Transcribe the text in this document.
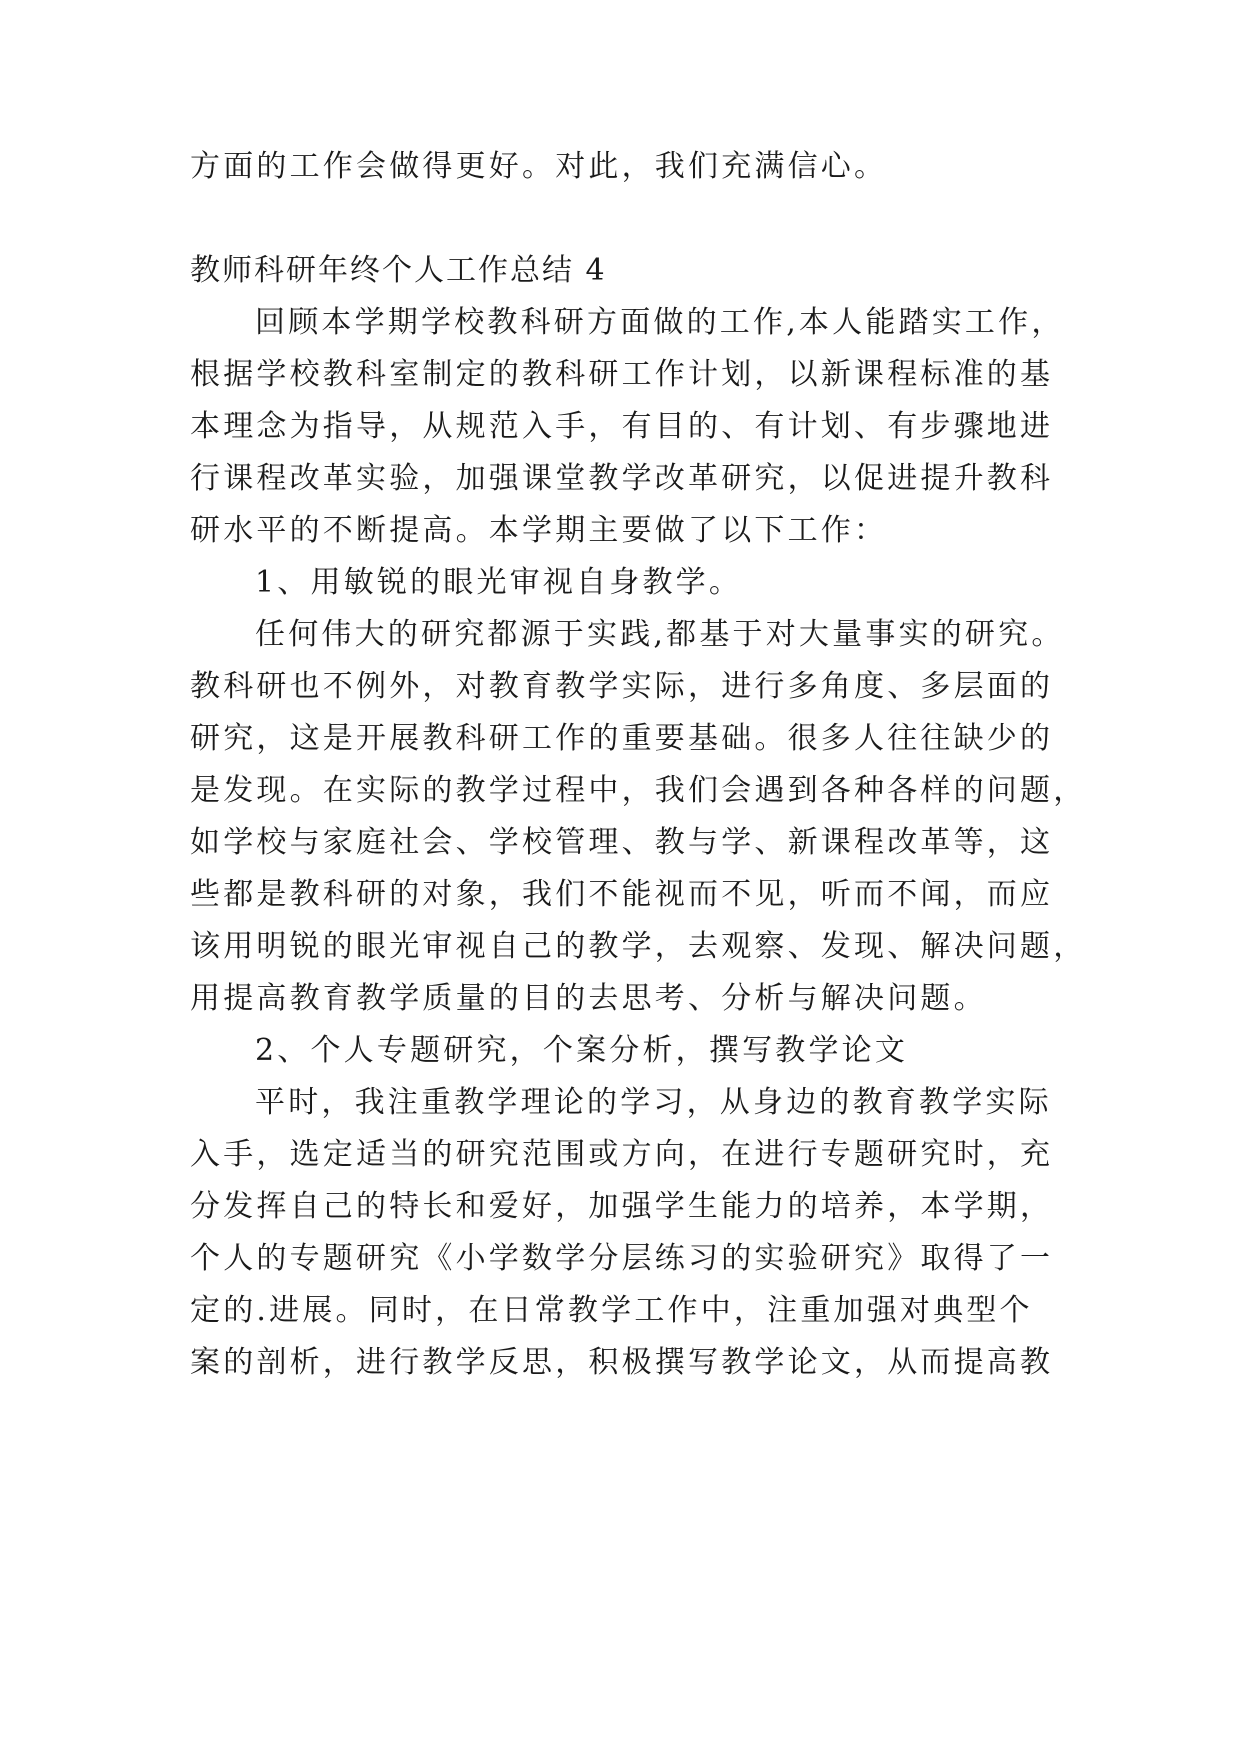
方面的工作会做得更好。对此，我们充满信心。
教师科研年终个人工作总结 4
回顾本学期学校教科研方面做的工作,本人能踏实工作，
根据学校教科室制定的教科研工作计划，以新课程标准的基
本理念为指导，从规范入手，有目的、有计划、有步骤地进
行课程改革实验，加强课堂教学改革研究，以促进提升教科
研水平的不断提高。本学期主要做了以下工作：
1、用敏锐的眼光审视自身教学。
任何伟大的研究都源于实践,都基于对大量事实的研究。
教科研也不例外，对教育教学实际，进行多角度、多层面的
研究，这是开展教科研工作的重要基础。很多人往往缺少的
是发现。在实际的教学过程中，我们会遇到各种各样的问题，
如学校与家庭社会、学校管理、教与学、新课程改革等，这
些都是教科研的对象，我们不能视而不见，听而不闻，而应
该用明锐的眼光审视自己的教学，去观察、发现、解决问题，
用提高教育教学质量的目的去思考、分析与解决问题。
2、个人专题研究，个案分析，撰写教学论文
平时，我注重教学理论的学习，从身边的教育教学实际
入手，选定适当的研究范围或方向，在进行专题研究时，充
分发挥自己的特长和爱好，加强学生能力的培养，本学期，
个人的专题研究《小学数学分层练习的实验研究》取得了一
定的.进展。同时，在日常教学工作中，注重加强对典型个
案的剖析，进行教学反思，积极撰写教学论文，从而提高教
